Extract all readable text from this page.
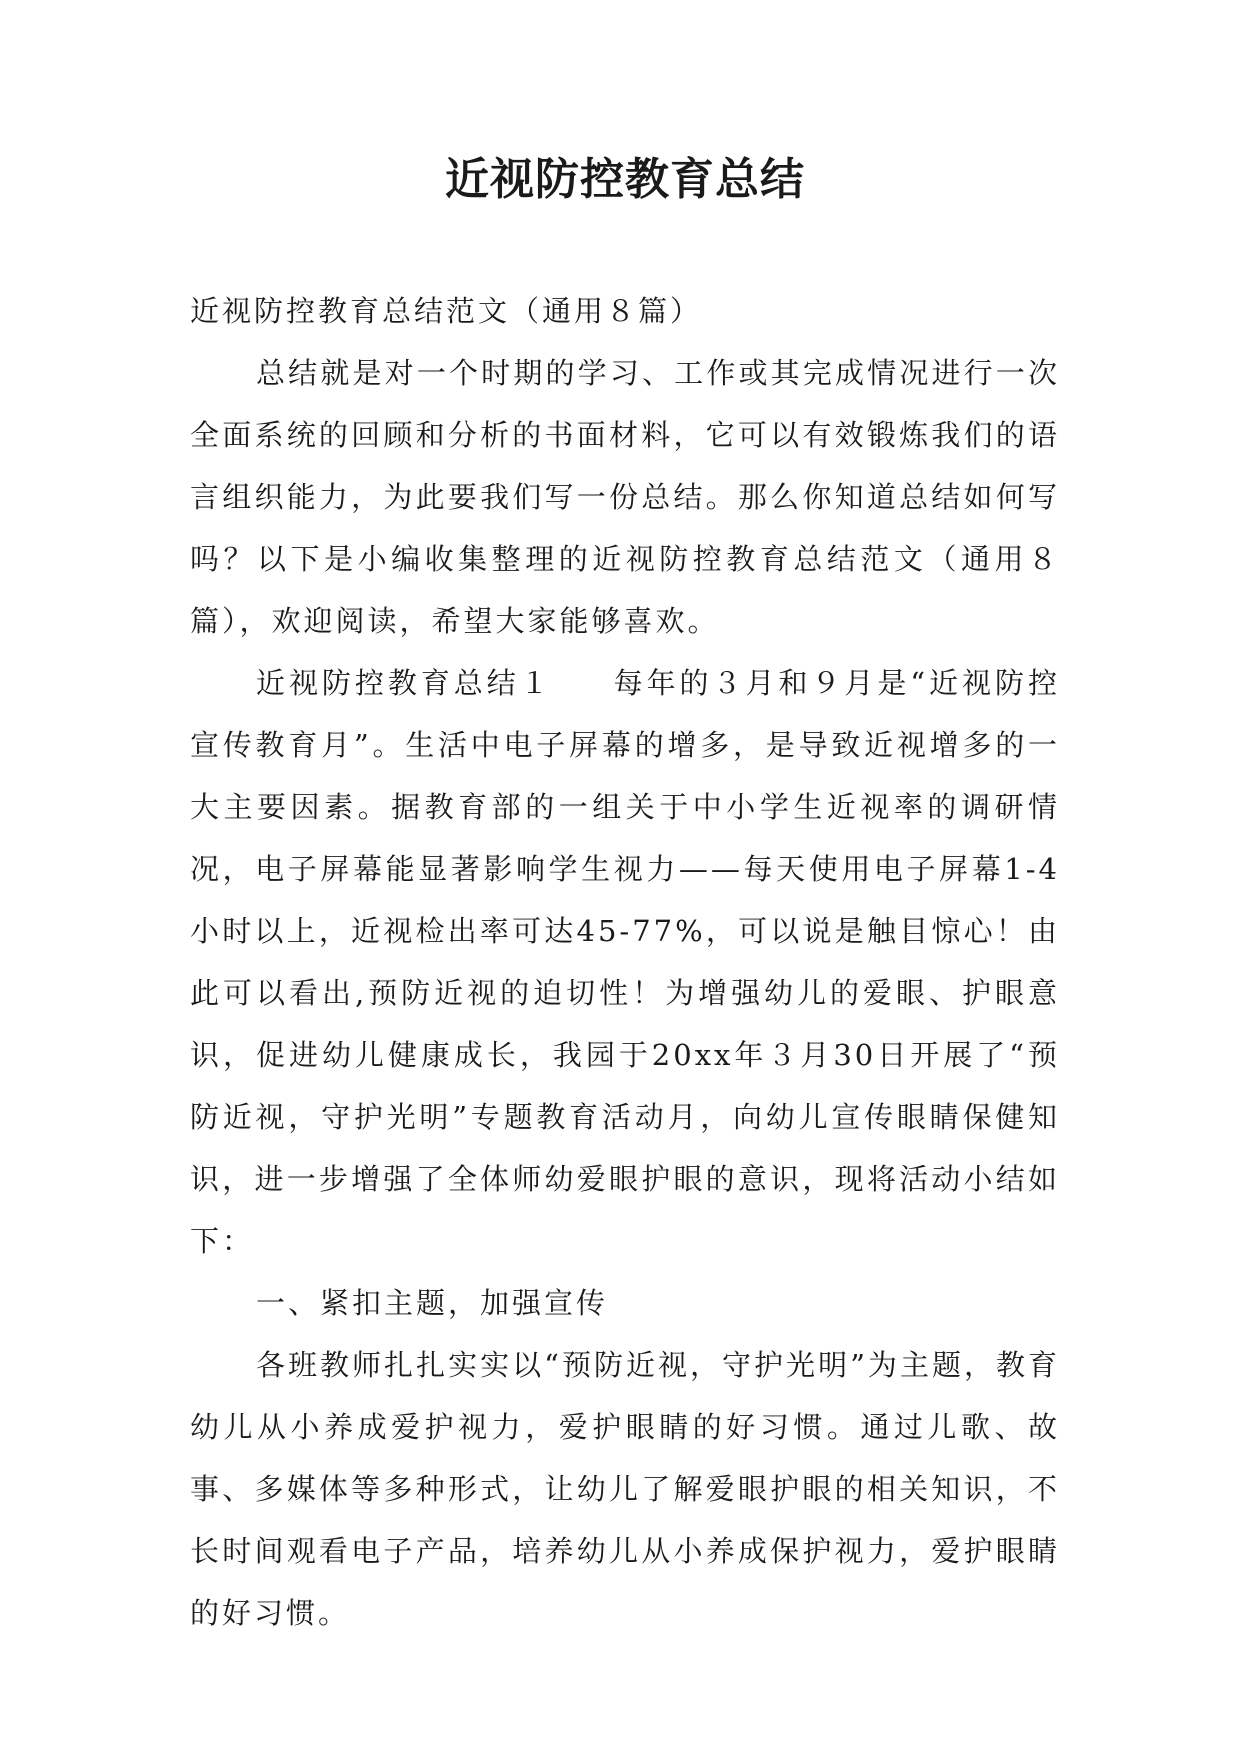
近视防控教育总结

近视防控教育总结范文（通用８篇）

总结就是对一个时期的学习、工作或其完成情况进行一次全面系统的回顾和分析的书面材料，它可以有效锻炼我们的语言组织能力，为此要我们写一份总结。那么你知道总结如何写吗？以下是小编收集整理的近视防控教育总结范文（通用８篇），欢迎阅读，希望大家能够喜欢。

近视防控教育总结１ 每年的３月和９月是“近视防控宣传教育月”。生活中电子屏幕的增多，是导致近视增多的一大主要因素。据教育部的一组关于中小学生近视率的调研情况，电子屏幕能显著影响学生视力——每天使用电子屏幕1-4小时以上，近视检出率可达45-77%，可以说是触目惊心！由此可以看出,预防近视的迫切性！为增强幼儿的爱眼、护眼意识，促进幼儿健康成长，我园于20xx年３月30日开展了“预防近视，守护光明”专题教育活动月，向幼儿宣传眼睛保健知识，进一步增强了全体师幼爱眼护眼的意识，现将活动小结如下：

一、紧扣主题，加强宣传

各班教师扎扎实实以“预防近视，守护光明”为主题，教育幼儿从小养成爱护视力，爱护眼睛的好习惯。通过儿歌、故事、多媒体等多种形式，让幼儿了解爱眼护眼的相关知识，不长时间观看电子产品，培养幼儿从小养成保护视力，爱护眼睛的好习惯。
